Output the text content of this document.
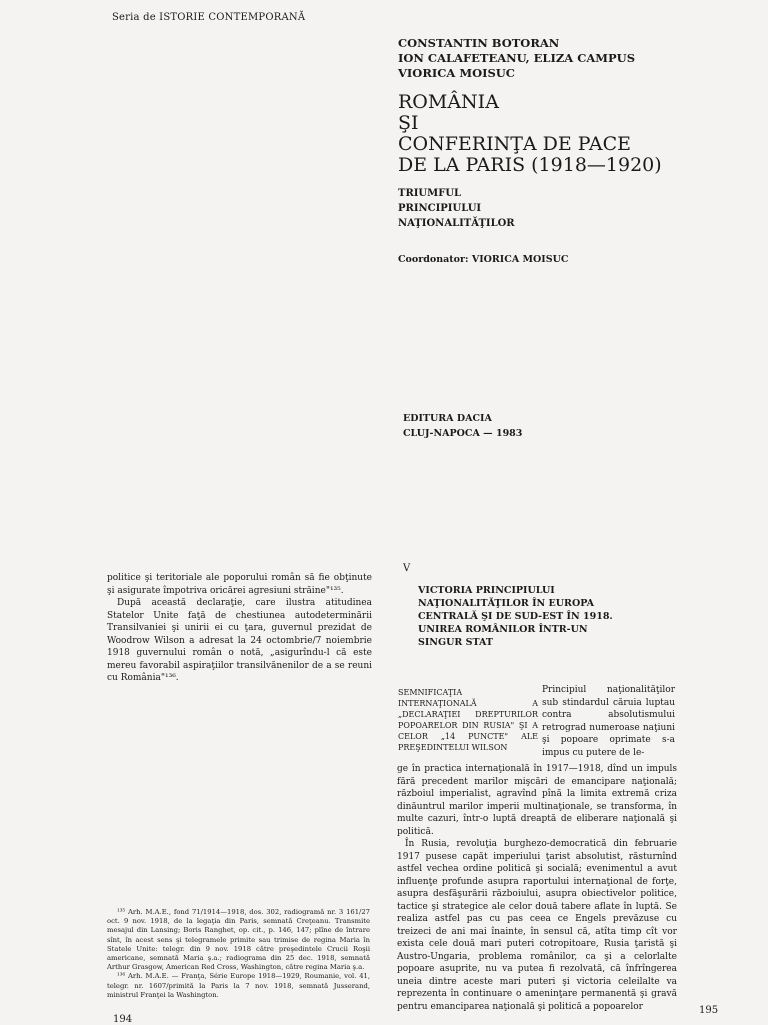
Seria de ISTORIE CONTEMPORANĂ
CONSTANTIN BOTORAN
ION CALAFETEANU, ELIZA CAMPUS
VIORICA MOISUC
ROMÂNIA
ŞI
CONFERINŢA DE PACE
DE LA PARIS (1918—1920)
TRIUMFUL
PRINCIPIULUI
NAŢIONALITĂŢILOR
Coordonator: VIORICA MOISUC
EDITURA DACIA
CLUJ-NAPOCA — 1983

politice şi teritoriale ale poporului român să fie obţinute şi asigurate împotriva oricărei agresiuni străine"¹³⁵.

După această declaraţie, care ilustra atitudinea Statelor Unite faţă de chestiunea autodeterminării Transilvaniei şi unirii ei cu ţara, guvernul prezidat de Woodrow Wilson a adresat la 24 octombrie/7 noiembrie 1918 guvernului român o notă, „asigurîndu-l că este mereu favorabil aspiraţiilor transilvănenilor de a se reuni cu România"¹³⁶.

¹³⁵ Arh. M.A.E., fond 71/1914—1918, dos. 302, radiogramă nr. 3 161/27 oct. 9 nov. 1918, de la legaţia din Paris, semnată Creţeanu. Transmite mesajul din Lansing; Boris Ranghet, op. cit., p. 146, 147; plîne de întrare sînt, în acest sens şi telegramele primite sau trimise de regina Maria în Statele Unite: telegr. din 9 nov. 1918 către preşedintele Crucii Roşii americane, semnată Maria ş.a.; radiograma din 25 dec. 1918, semnată Arthur Grasgow, American Red Cross, Washington, către regina Maria ş.a.

¹³⁶ Arh. M.A.E. — Franţa, Série Europe 1918—1929, Roumanie, vol. 41, telegr. nr. 1607/primită la Paris la 7 nov. 1918, semnată Jusserand, ministrul Franţei la Washington.

194
V
VICTORIA PRINCIPIULUI
NAŢIONALITĂŢILOR ÎN EUROPA
CENTRALĂ ŞI DE SUD-EST ÎN 1918.
UNIREA ROMÂNILOR ÎNTR-UN
SINGUR STAT
SEMNIFICAŢIA INTERNAŢIONALĂ A „DECLARAŢIEI DREPTURILOR POPOARELOR DIN RUSIA" ŞI A CELOR „14 PUNCTE" ALE PREŞEDINTELUI WILSON
Principiul naţionalităţilor sub stindardul căruia luptau contra absolutismului retrograd numeroase naţiuni şi popoare oprimate s-a impus cu putere de le-

ge în practica internaţională în 1917—1918, dînd un impuls fără precedent marilor mişcări de emancipare naţională; războiul imperialist, agravînd pînă la limita extremă criza dinăuntrul marilor imperii multinaţionale, se transforma, în multe cazuri, într-o luptă dreaptă de eliberare naţională şi politică.

În Rusia, revoluţia burghezo-democratică din februarie 1917 pusese capăt imperiului ţarist absolutist, răsturnînd astfel vechea ordine politică şi socială; evenimentul a avut influenţe profunde asupra raportului internaţional de forţe, asupra desfăşurării războiului, asupra obiectivelor politice, tactice şi strategice ale celor două tabere aflate în luptă. Se realiza astfel pas cu pas ceea ce Engels prevăzuse cu treizeci de ani mai înainte, în sensul că, atîta timp cît vor exista cele două mari puteri cotropitoare, Rusia ţaristă şi Austro-Ungaria, problema românilor, ca şi a celorlalte popoare asuprite, nu va putea fi rezolvată, că înfrîngerea uneia dintre aceste mari puteri şi victoria celeilalte va reprezenta în continuare o ameninţare permanentă şi gravă pentru emanciparea naţională şi politică a popoarelor	195
